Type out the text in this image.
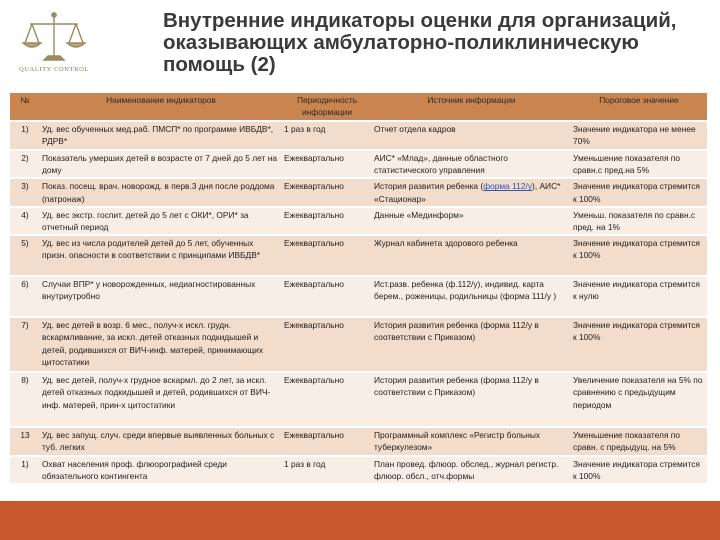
QUALITY CONTROL
Внутренние индикаторы оценки для организаций, оказывающих амбулаторно-поликлиническую помощь (2)
№	Наименование индикаторов	Периодичность информации	Источник информации	Пороговое значение
1)	Уд. вес обученных мед.раб. ПМСП* по программе ИВБДВ*, РДРВ*	1 раз в год	Отчет отдела кадров	Значение индикатора не менее 70%
2)	Показатель умерших детей в возрасте от 7 дней до 5 лет на дому	Ежеквартально	АИС* «Млад», данные областного статистического управления	Уменьшение показателя по сравн.с пред.на 5%
3)	Показ. посещ. врач. новорожд. в перв.3 дня после роддома (патронаж)	Ежеквартально	История развития ребенка (форма 112/у), АИС* «Стационар»	Значение индикатора стремится к 100%
4)	Уд. вес экстр. госпит. детей до 5 лет с ОКИ*, ОРИ* за отчетный период	Ежеквартально	Данные «Мединформ»	Уменьш. показателя по сравн.с пред. на 1%
5)	Уд. вес из числа родителей детей до 5 лет, обученных призн. опасности в соответствии с принципами ИВБДВ*	Ежеквартально	Журнал кабинета здорового ребенка	Значение индикатора стремится к 100%
6)	Случаи ВПР* у новорожденных, недиагностированных внутриутробно	Ежеквартально	Ист.разв. ребенка (ф.112/у), индивид. карта берем., роженицы, родильницы (форма 111/у )	Значение индикатора стремится к нулю
7)	Уд. вес детей в возр. 6 мес., получ-х искл. грудн. вскармливание, за искл. детей отказных подкидышей и детей, родившихся от ВИЧ-инф. матерей, принимающих цитостатики	Ежеквартально	История развития ребенка (форма 112/у в соответствии с Приказом)	Значение индикатора стремится к 100%
8)	Уд. вес детей, получ-х грудное вскармл. до 2 лет, за искл. детей отказных подкидышей и детей, родившихся от ВИЧ-инф. матерей, прин-х цитостатики	Ежеквартально	История развития ребенка (форма 112/у в соответствии с Приказом)	Увеличение показателя на 5% по сравнению с предыдущим периодом
13	Уд. вес запущ. случ. среди впервые выявленных больных с туб. легких	Ежеквартально	Программный комплекс «Регистр больных туберкулезом»	Уменьшение показателя по сравн. с предыдущ. на 5%
1)	Охват населения проф. флюорографией среди обязательного контингента	1 раз в год	План провед. флюор. обслед., журнал регистр. флюор. обсл., отч.формы	Значение индикатора стремится к 100%
